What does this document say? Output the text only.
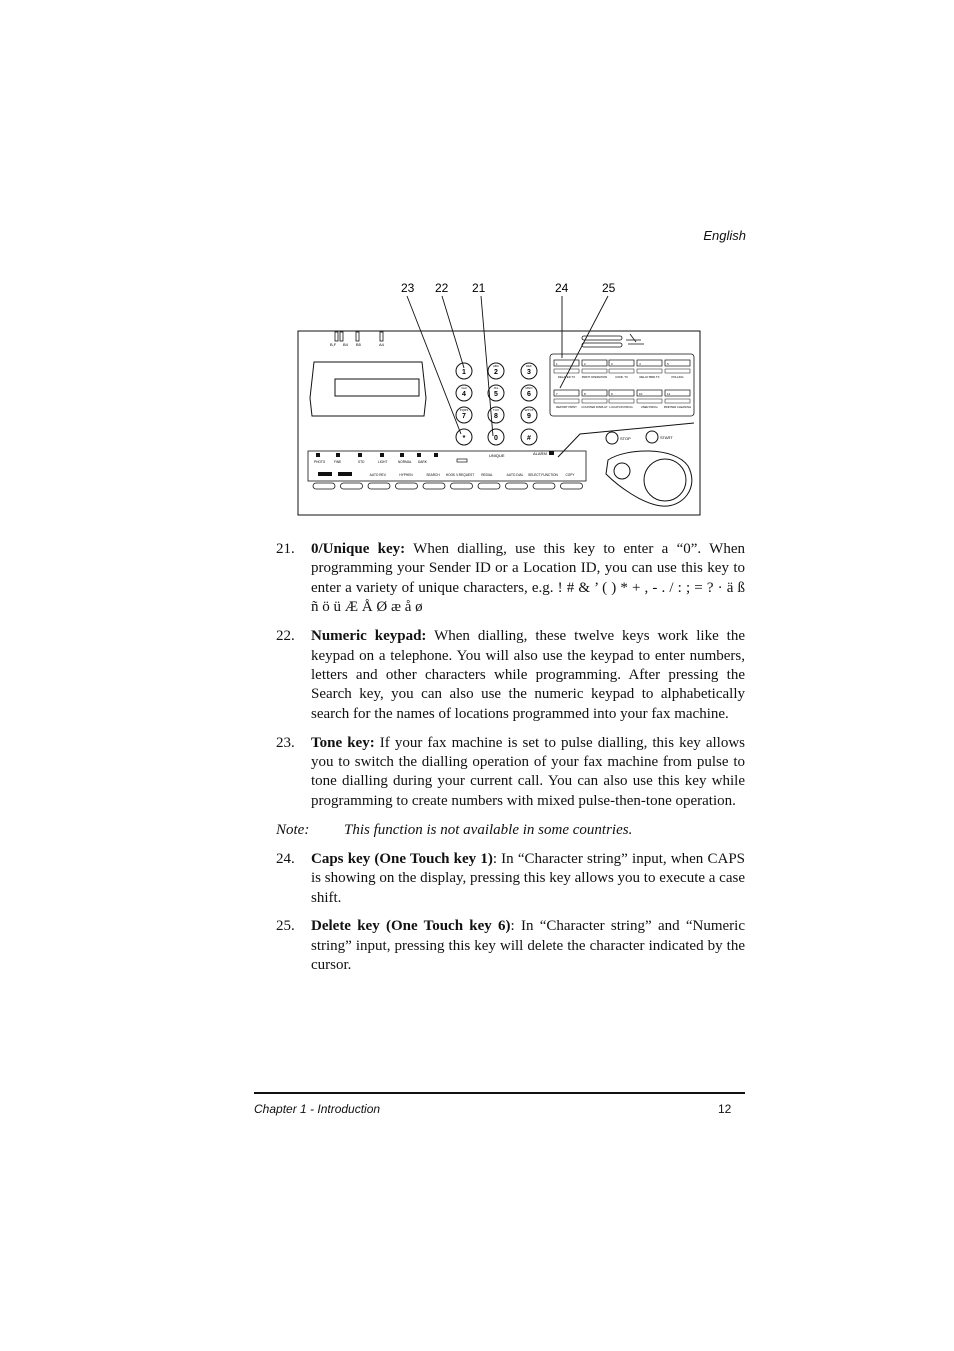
English
23 22 21	24	25
B,F B4 B5	A4
1	2
ABC
3
DEF
4
GHI
5
JKL
6
MNO
7
PQRS
8
TUV
9
WXYZ
*	0	#
1
DELAYED TX
2
PRINT OPERATION
3
CONF. TX
4
RELAY BRD.TX
5
POLLING
7
REPORT PRINT
8
COUNTER DISPLAY
9
LOCATION PROG.
10
USER PROG.
11
PRINTER CLEANING
STOP	START
PHOTO	FINE	STD	LIGHT	NORMAL DARK
UNIQUE	ALARM
AUTO REV.	HYPHEN	SEARCH HOOK V.REQUEST REDIAL	AUTO DIAL SELECT FUNCTION COPY
21.	0/Unique key: When dialling, use this key to enter a “0”. When programming your Sender ID or a Location ID, you can use this key to enter a variety of unique characters, e.g. ! # & ’ ( ) * + , - . / : ; = ? · ä ß ñ ö ü Æ Å Ø æ å ø
22.	Numeric keypad: When dialling, these twelve keys work like the keypad on a telephone. You will also use the keypad to enter numbers, letters and other characters while programming. After pressing the Search key, you can also use the numeric keypad to alphabetically search for the names of locations programmed into your fax machine.
23.	Tone key: If your fax machine is set to pulse dialling, this key allows you to switch the dialling operation of your fax machine from pulse to tone dialling during your current call. You can also use this key while programming to create numbers with mixed pulse-then-tone operation.
Note:	This function is not available in some countries.
24.	Caps key (One Touch key 1): In “Character string” input, when CAPS is showing on the display, pressing this key allows you to execute a case shift.
25.	Delete key (One Touch key 6): In “Character string” and “Numeric string” input, pressing this key will delete the character indicated by the cursor.
Chapter 1 - Introduction	12
